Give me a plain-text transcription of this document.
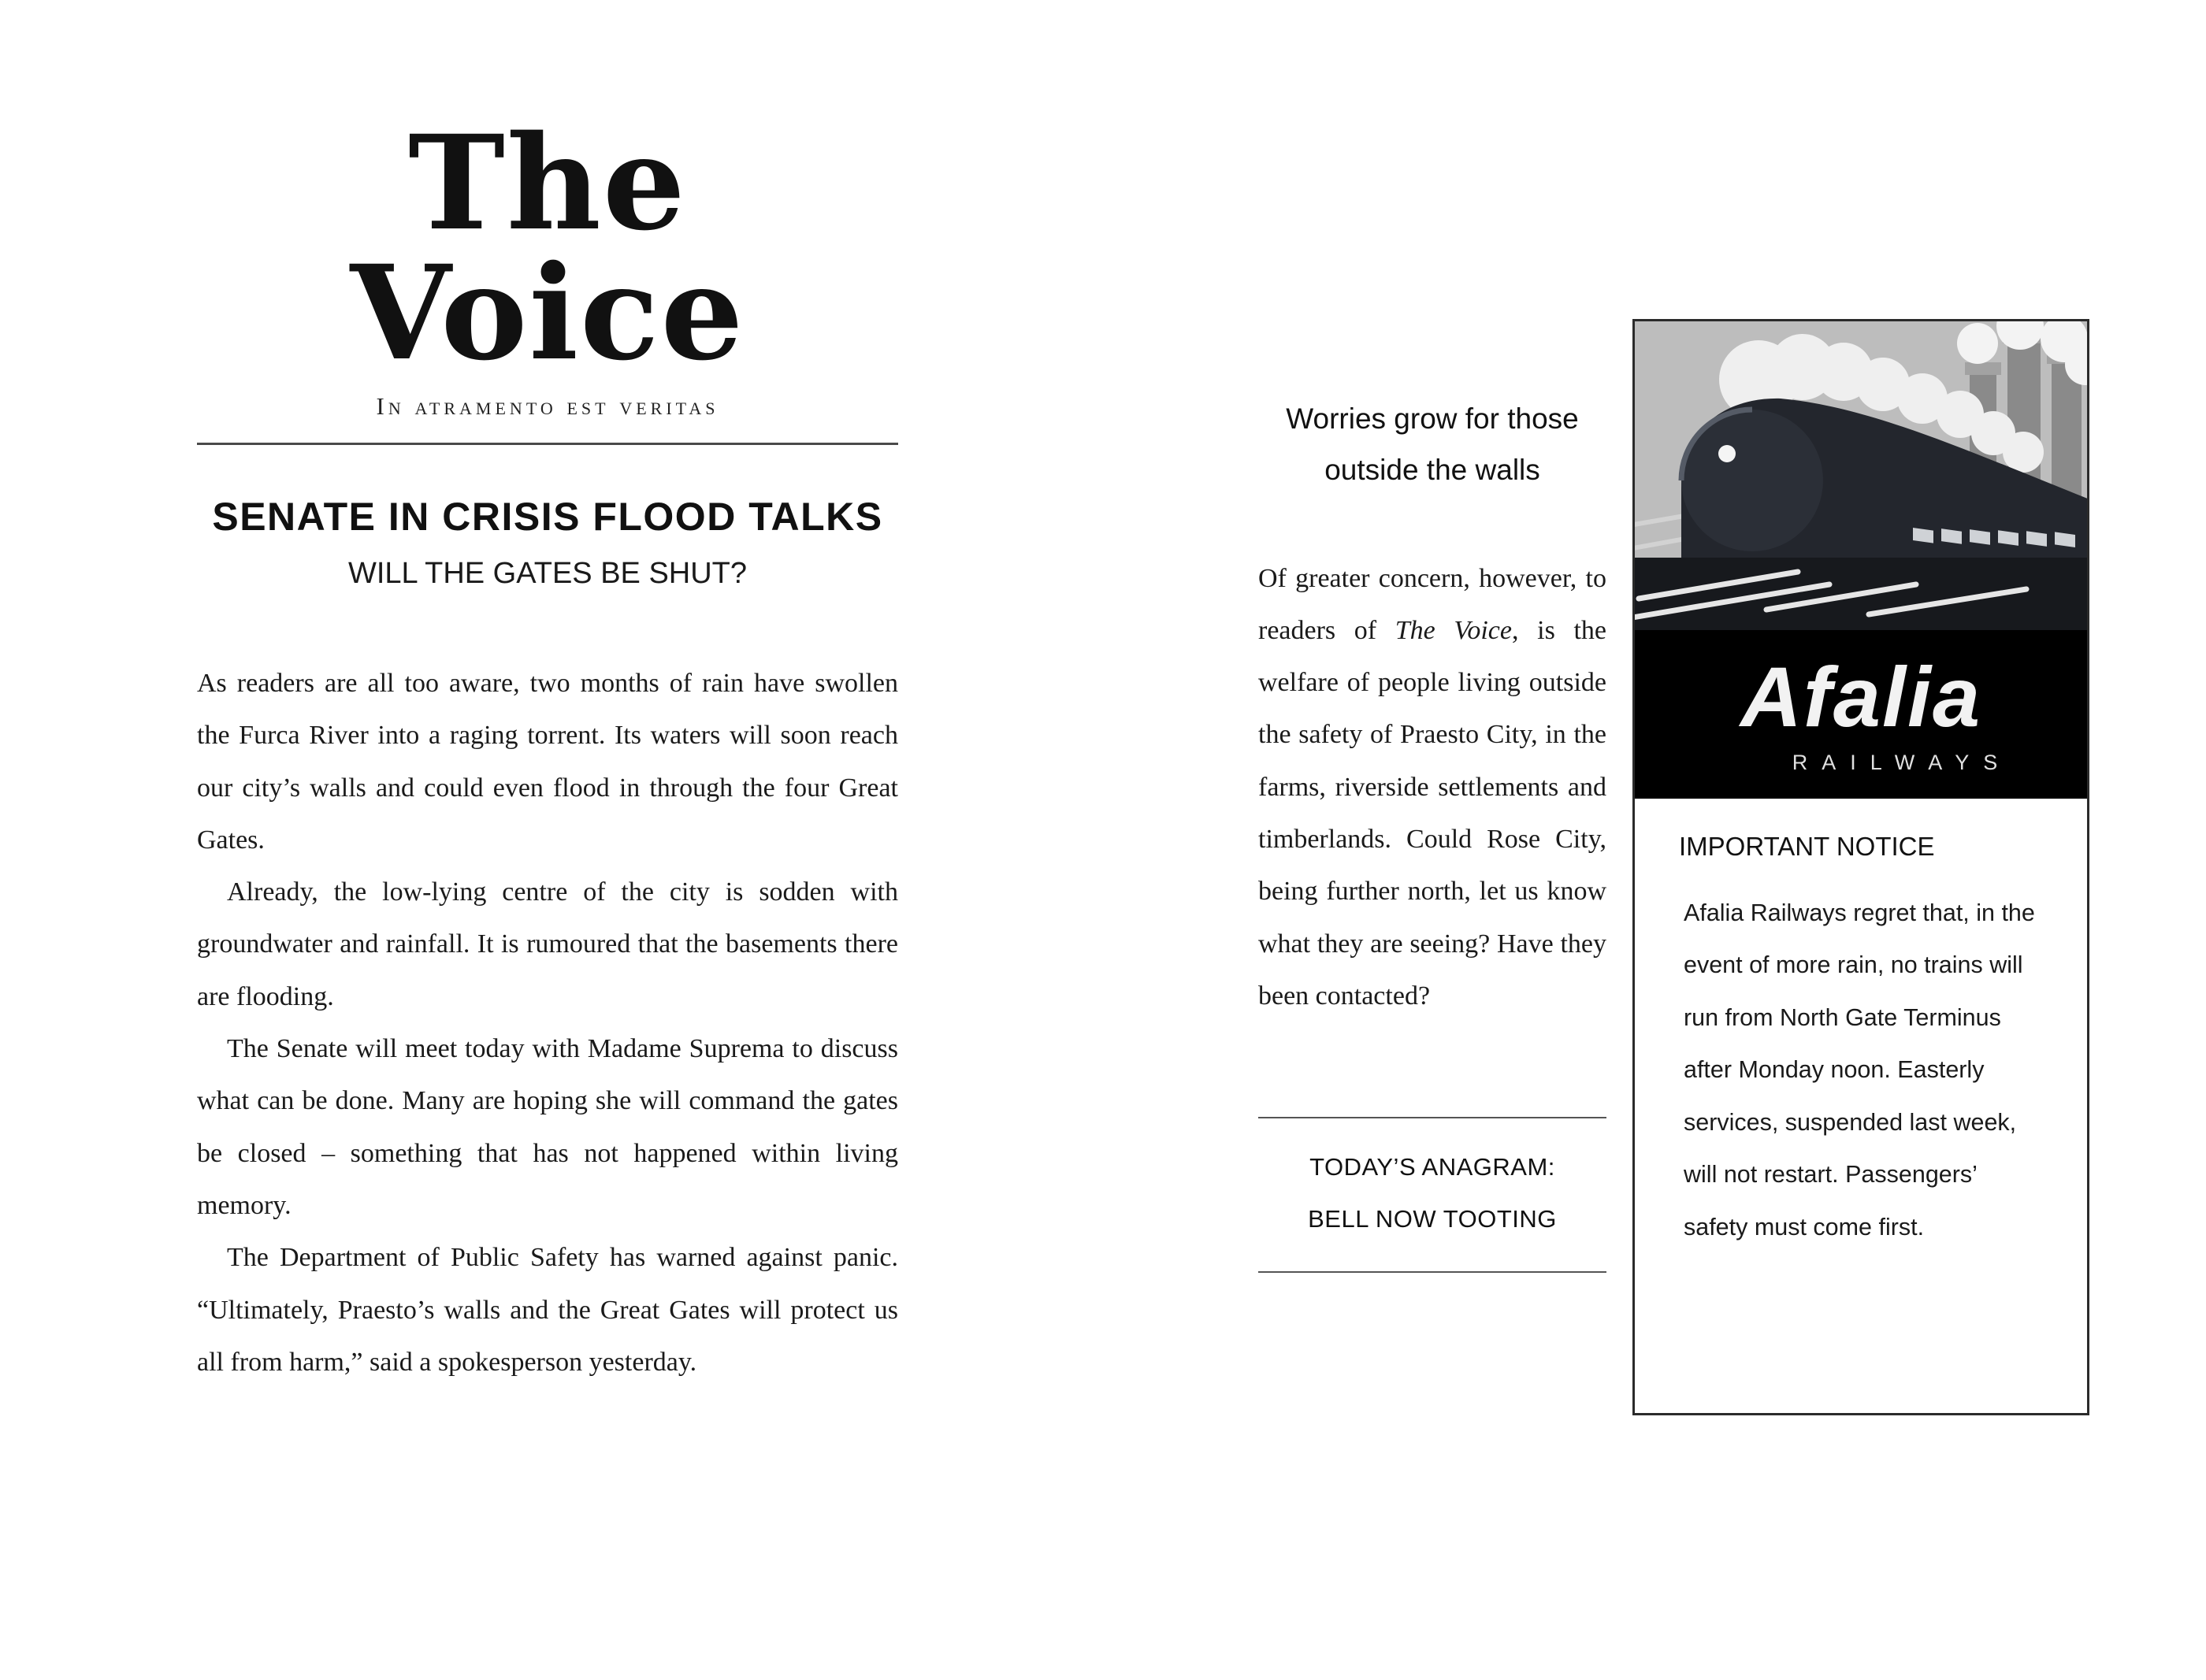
The Voice
In atramento est veritas
SENATE IN CRISIS FLOOD TALKS
WILL THE GATES BE SHUT?

As readers are all too aware, two months of rain have swollen the Furca River into a raging torrent. Its waters will soon reach our city’s walls and could even flood in through the four Great Gates.

Already, the low-lying centre of the city is sodden with groundwater and rainfall. It is rumoured that the basements there are flooding.

The Senate will meet today with Madame Suprema to discuss what can be done. Many are hoping she will command the gates be closed – something that has not happened within living memory.

The Department of Public Safety has warned against panic. “Ultimately, Praesto’s walls and the Great Gates will protect us all from harm,” said a spokesperson yesterday.

Worries grow for those
outside the walls

Of greater concern, however, to readers of The Voice, is the welfare of people living outside the safety of Praesto City, in the farms, riverside settlements and timberlands. Could Rose City, being further north, let us know what they are seeing? Have they been contacted?

TODAY’S ANAGRAM:
BELL NOW TOOTING
Afalia
RAILWAYS
IMPORTANT NOTICE

Afalia Railways regret that, in the event of more rain, no trains will run from North Gate Terminus after Monday noon. Easterly services, suspended last week, will not restart. Passengers’ safety must come first.
